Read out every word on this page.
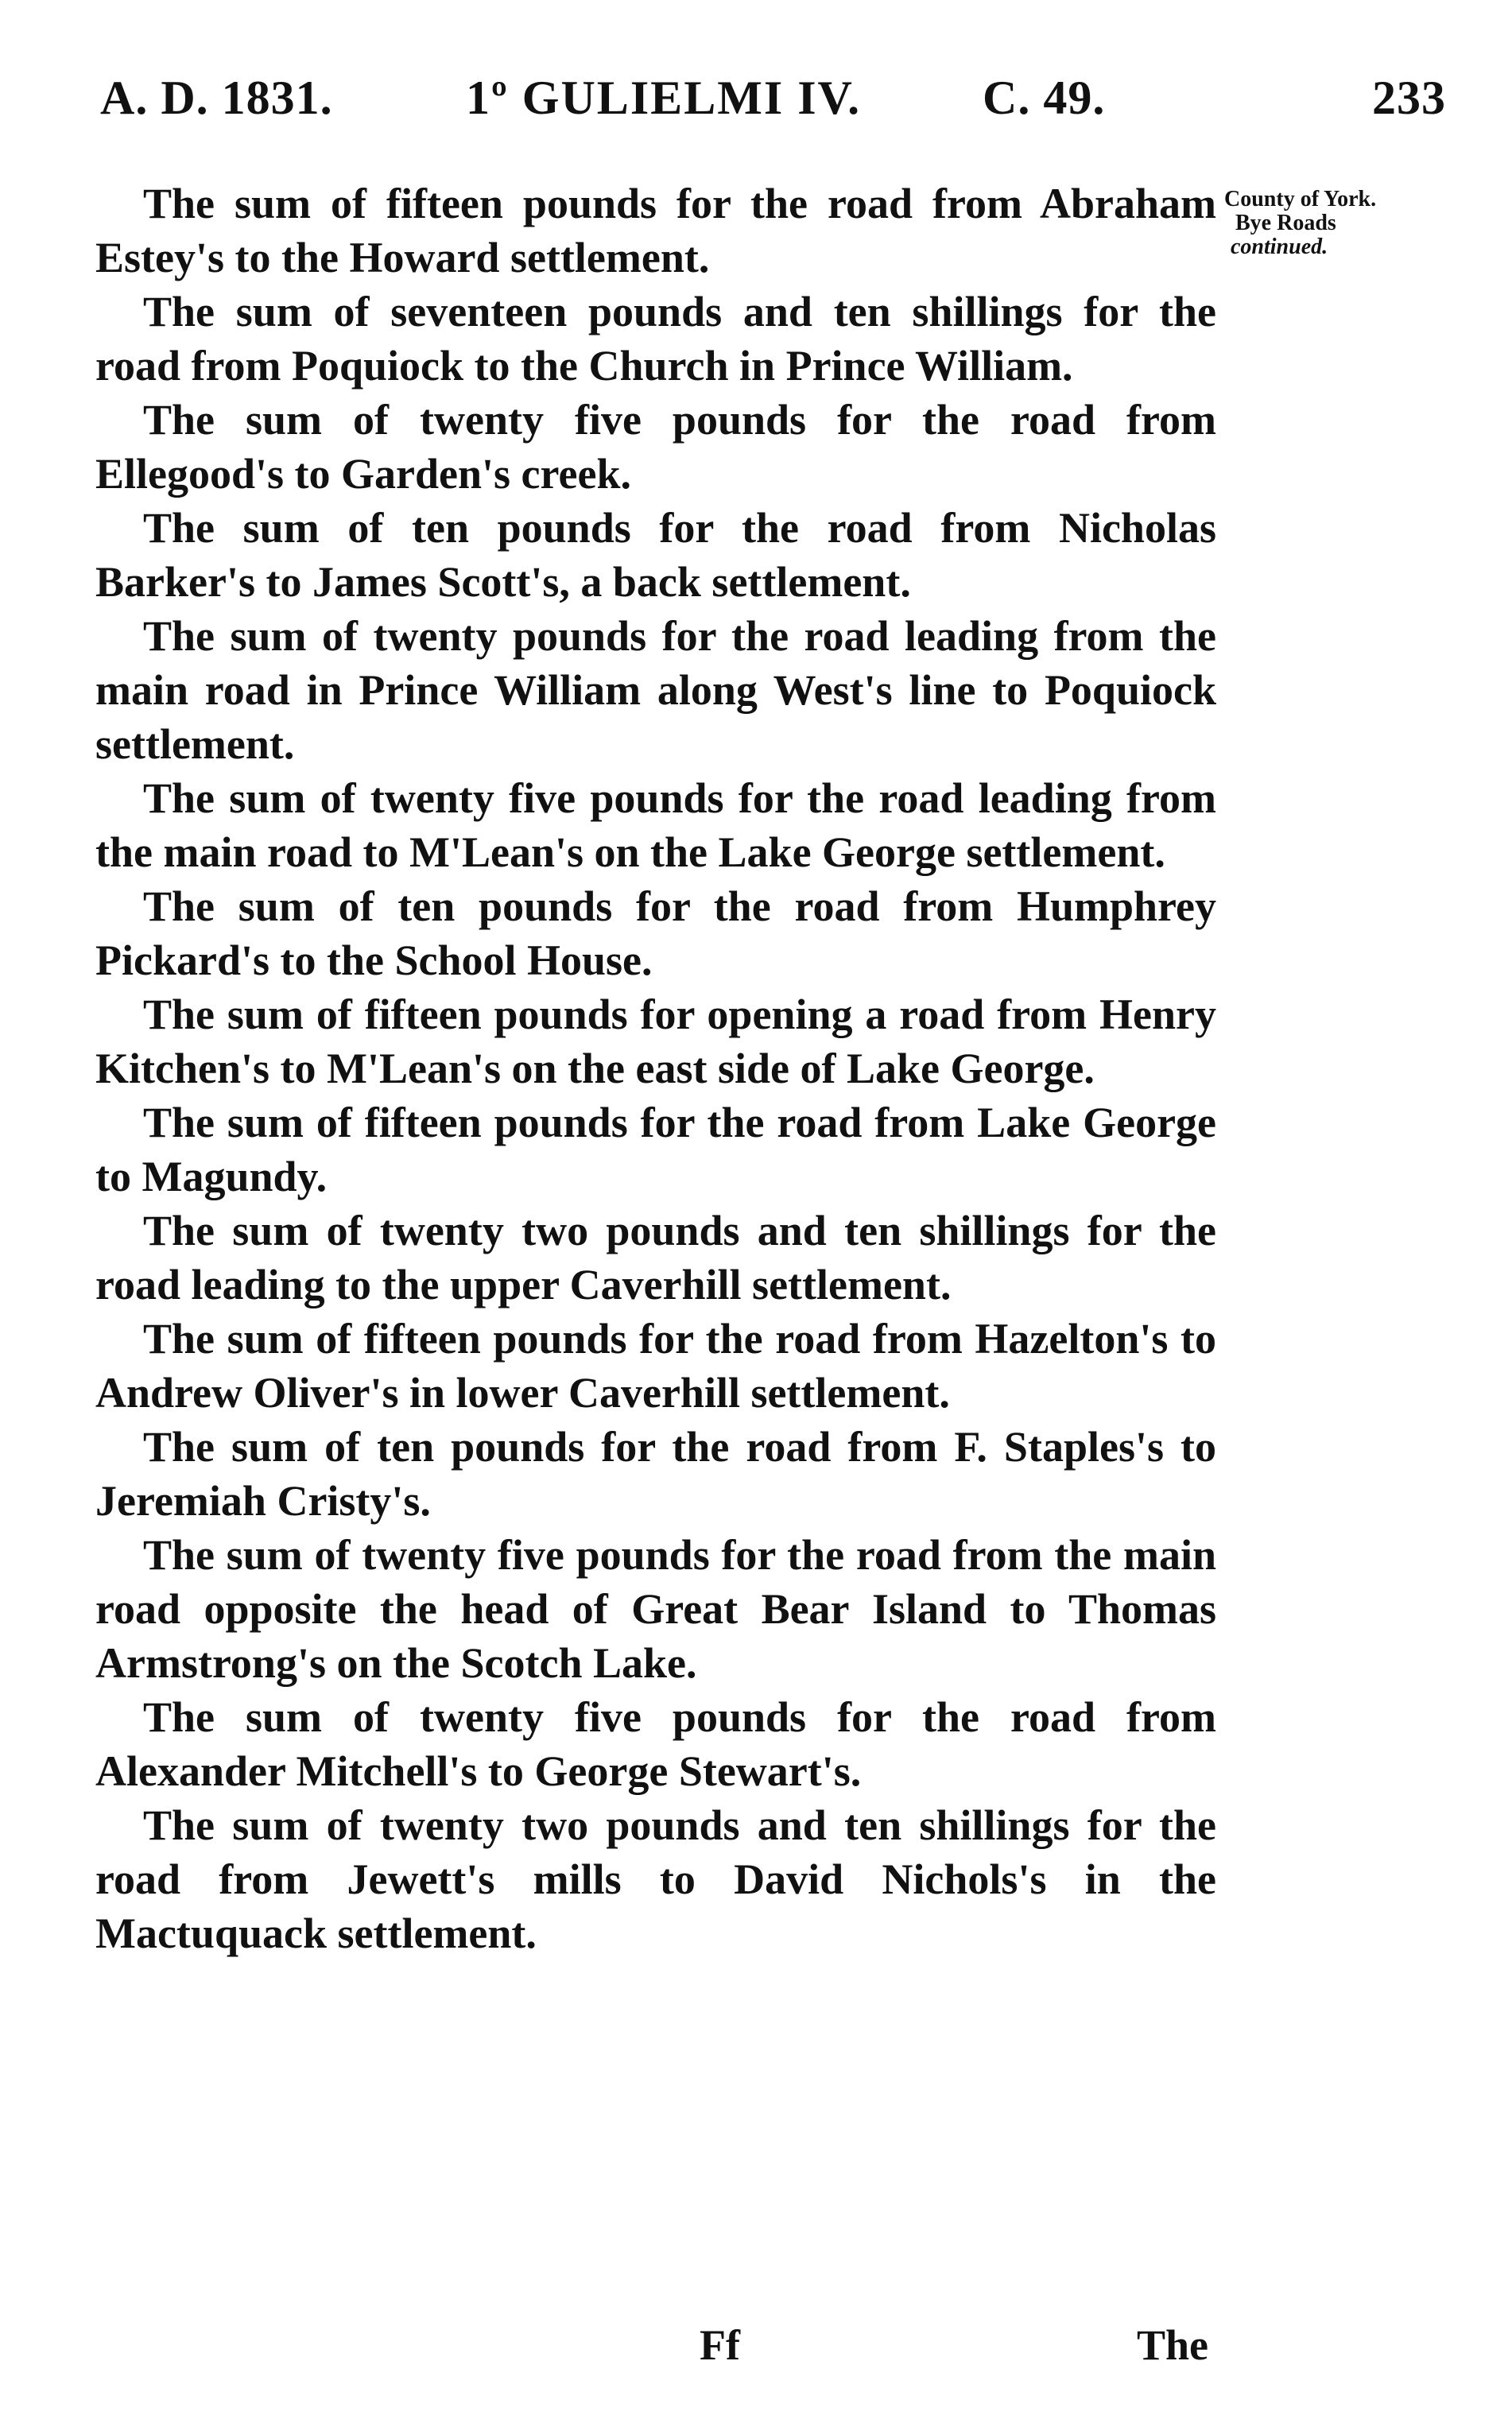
A. D. 1831.	1º GULIELMI IV.	C. 49.	233
County of York.
Bye Roads
continued.

The sum of fifteen pounds for the road from Abraham Estey's to the Howard settlement.

The sum of seventeen pounds and ten shillings for the road from Poquiock to the Church in Prince William.

The sum of twenty five pounds for the road from Ellegood's to Garden's creek.

The sum of ten pounds for the road from Nicholas Barker's to James Scott's, a back settlement.

The sum of twenty pounds for the road leading from the main road in Prince William along West's line to Poquiock settlement.

The sum of twenty five pounds for the road leading from the main road to M'Lean's on the Lake George settlement.

The sum of ten pounds for the road from Humphrey Pickard's to the School House.

The sum of fifteen pounds for opening a road from Henry Kitchen's to M'Lean's on the east side of Lake George.

The sum of fifteen pounds for the road from Lake George to Magundy.

The sum of twenty two pounds and ten shillings for the road leading to the upper Caverhill settlement.

The sum of fifteen pounds for the road from Hazelton's to Andrew Oliver's in lower Caverhill settlement.

The sum of ten pounds for the road from F. Staples's to Jeremiah Cristy's.

The sum of twenty five pounds for the road from the main road opposite the head of Great Bear Island to Thomas Armstrong's on the Scotch Lake.

The sum of twenty five pounds for the road from Alexander Mitchell's to George Stewart's.

The sum of twenty two pounds and ten shillings for the road from Jewett's mills to David Nichols's in the Mactuquack settlement.

Ff	The
